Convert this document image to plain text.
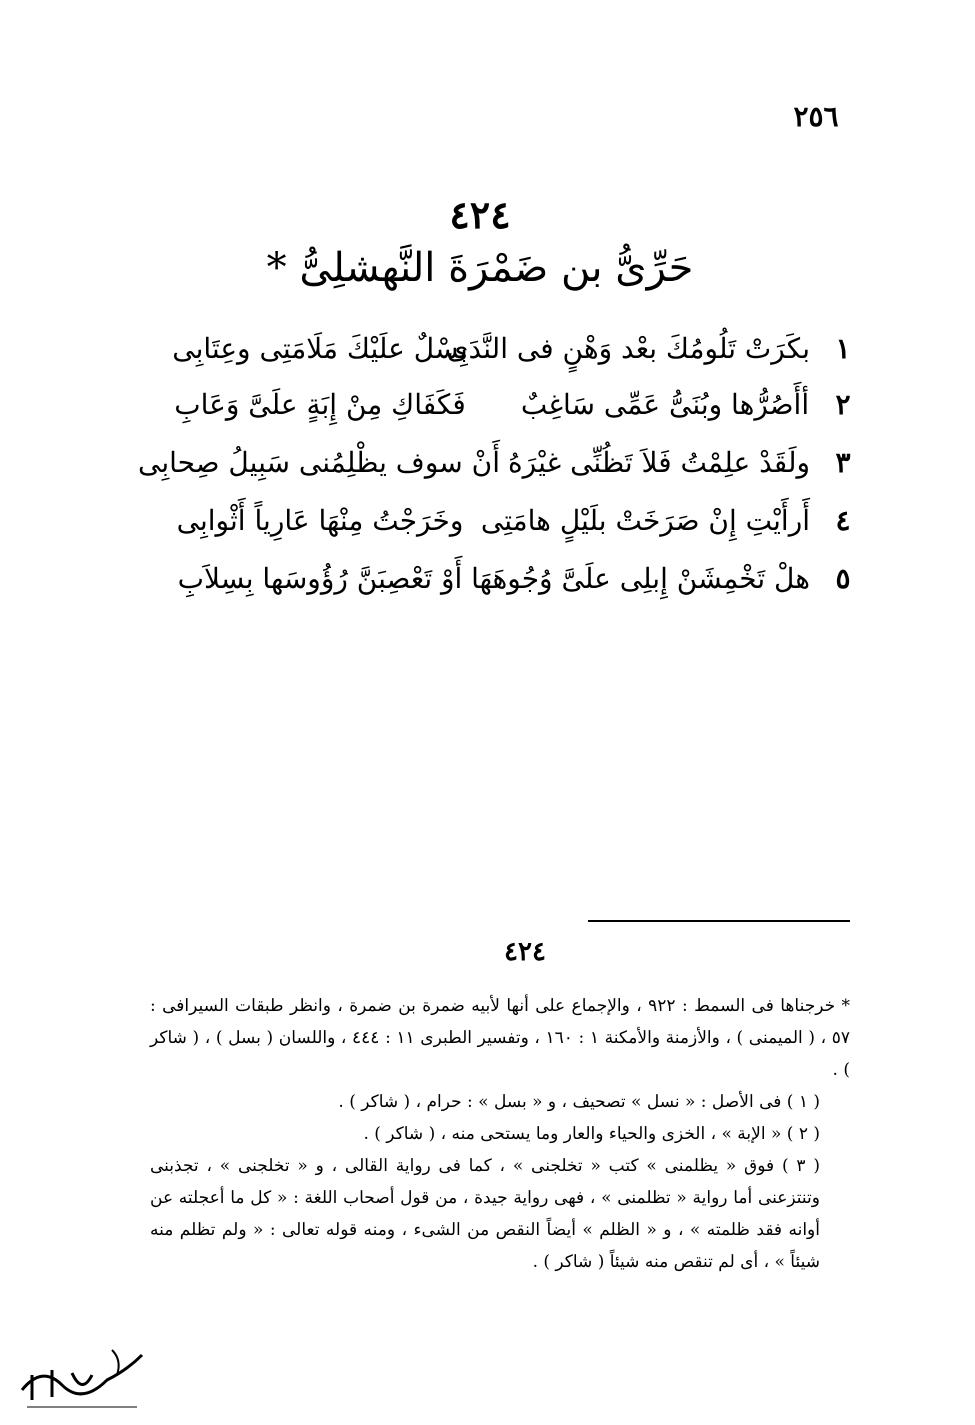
٢٥٦
٤٢٤
حَرِّىُّ بن ضَمْرَةَ النَّهشلِىُّ *
١
بكَرَتْ تَلُومُكَ بعْد وَهْنٍ فى النَّدَى
بِسْلٌ علَيْكَ مَلَامَتِى وعِتَابِى
٢
أأَصُرُّها وبُنَىُّ عَمِّى سَاغِبٌ
فَكَفَاكِ مِنْ إِبَةٍ علَىَّ وَعَابِ
٣
ولَقَدْ علِمْتُ فَلاَ تَظُنِّى غيْرَهُ
أَنْ سوف يظْلِمُنى سَبِيلُ صِحابِى
٤
أَرأَيْتِ إِنْ صَرَخَتْ بلَيْلٍ هامَتِى
وخَرَجْتُ مِنْهَا عَارِياً أَثْوابِى
٥
هلْ تَخْمِشَنْ إِبلِى علَىَّ وُجُوهَهَا
أَوْ تَعْصِبَنَّ رُؤُوسَها بِسِلاَبِ
٤٢٤

* خرجناها فى السمط : ٩٢٢ ، والإجماع على أنها لأبيه ضمرة بن ضمرة ، وانظر طبقات السيرافى : ٥٧ ، ( الميمنى ) ، والأزمنة والأمكنة ١ : ١٦٠ ، وتفسير الطبرى ١١ : ٤٤٤ ، واللسان ( بسل ) ، ( شاكر ) .

( ١ ) فى الأصل : « نسل » تصحيف ، و « بسل » : حرام ، ( شاكر ) .

( ٢ ) « الإبة » ، الخزى والحياء والعار وما يستحى منه ، ( شاكر ) .

( ٣ ) فوق « يظلمنى » كتب « تخلجنى » ، كما فى رواية القالى ، و « تخلجنى » ، تجذبنى وتنتزعنى أما رواية « تظلمنى » ، فهى رواية جيدة ، من قول أصحاب اللغة : « كل ما أعجلته عن أوانه فقد ظلمته » ، و « الظلم » أيضاً النقص من الشىء ، ومنه قوله تعالى : « ولم تظلم منه شيئاً » ، أى لم تنقص منه شيئاً ( شاكر ) .
